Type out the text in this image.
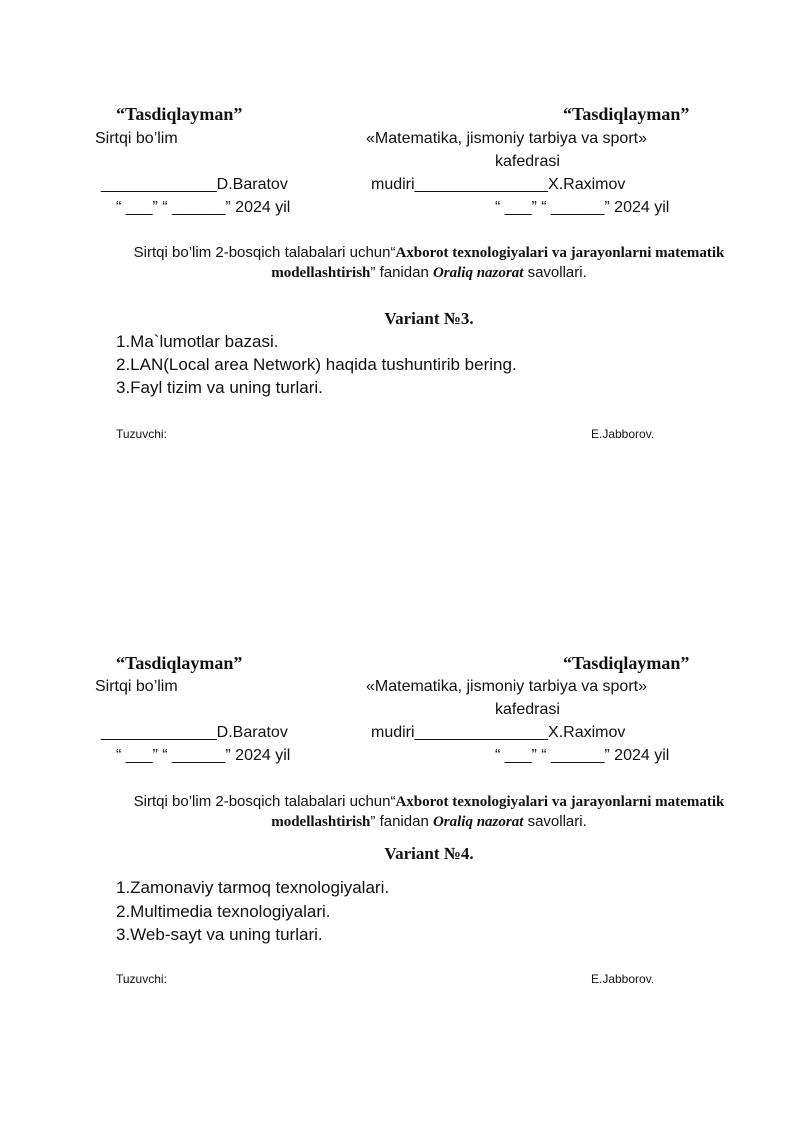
“Tasdiqlayman”	“Tasdiqlayman”
Sirtqi bo’lim	«Matematika, jismoniy tarbiya va sport»
kafedrasi
_____________D.Baratov	mudiri_______________X.Raximov
“ ___” “ ______” 2024 yil	“ ___” “ ______” 2024 yil
Sirtqi bo’lim 2-bosqich talabalari uchun“Axborot texnologiyalari va jarayonlarni matematik
modellashtirish” fanidan Oraliq nazorat savollari.
Variant №3.
1.Ma`lumotlar bazasi.
2.LAN(Local area Network) haqida tushuntirib bering.
3.Fayl tizim va uning turlari.
Tuzuvchi:	E.Jabborov.
“Tasdiqlayman”	“Tasdiqlayman”
Sirtqi bo’lim	«Matematika, jismoniy tarbiya va sport»
kafedrasi
_____________D.Baratov	mudiri_______________X.Raximov
“ ___” “ ______” 2024 yil	“ ___” “ ______” 2024 yil
Sirtqi bo’lim 2-bosqich talabalari uchun“Axborot texnologiyalari va jarayonlarni matematik
modellashtirish” fanidan Oraliq nazorat savollari.
Variant №4.
1.Zamonaviy tarmoq texnologiyalari.
2.Multimedia texnologiyalari.
3.Web-sayt va uning turlari.
Tuzuvchi:	E.Jabborov.
